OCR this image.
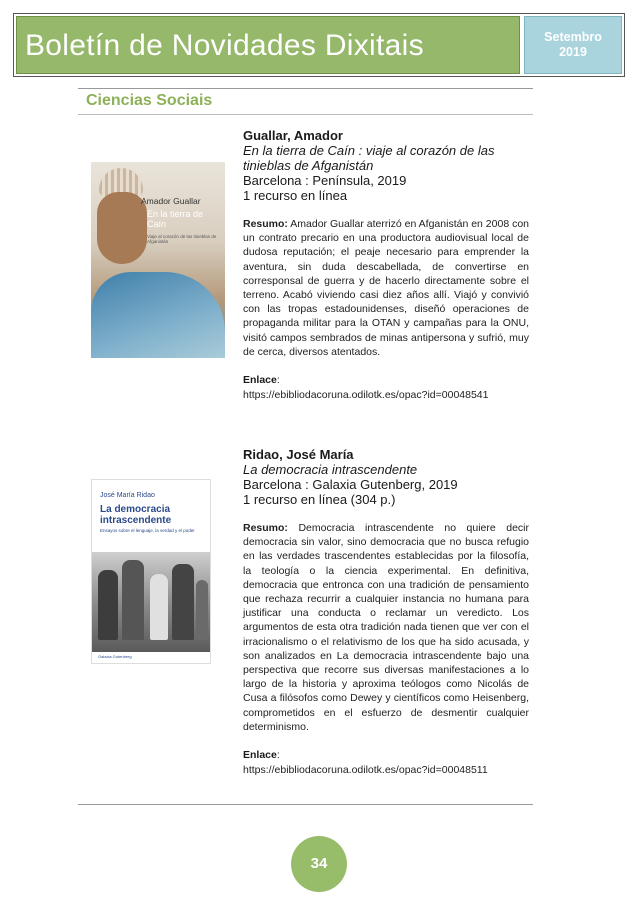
Boletín de Novidades Dixitais	Setembro
2019
Ciencias Sociais
Amador Guallar
En la tierra de Caín
Viaje al corazón de las tinieblas de Afganistán
Guallar, Amador
En la tierra de Caín : viaje al corazón de las tinieblas de Afganistán
Barcelona : Península, 2019
1 recurso en línea
Resumo: Amador Guallar aterrizó en Afganistán en 2008 con un contrato precario en una productora audiovisual local de dudosa reputación; el peaje necesario para emprender la aventura, sin duda descabellada, de convertirse en corresponsal de guerra y de hacerlo directamente sobre el terreno. Acabó viviendo casi diez años allí. Viajó y convivió con las tropas estadounidenses, diseñó operaciones de propaganda militar para la OTAN y campañas para la ONU, visitó campos sembrados de minas antipersona y sufrió, muy de cerca, diversos atentados.
Enlace:
https://ebibliodacoruna.odilotk.es/opac?id=00048541
José María Ridao
La democracia intrascendente
Ensayos sobre el lenguaje, la verdad y el poder
Galaxia Gutenberg
Ridao, José María
La democracia intrascendente
Barcelona : Galaxia Gutenberg, 2019
1 recurso en línea (304 p.)
Resumo: Democracia intrascendente no quiere decir democracia sin valor, sino democracia que no busca refugio en las verdades trascendentes establecidas por la filosofía, la teología o la ciencia experimental. En definitiva, democracia que entronca con una tradición de pensamiento que rechaza recurrir a cualquier instancia no humana para justificar una conducta o reclamar un veredicto. Los argumentos de esta otra tradición nada tienen que ver con el irracionalismo o el relativismo de los que ha sido acusada, y son analizados en La democracia intrascendente bajo una perspectiva que recorre sus diversas manifestaciones a lo largo de la historia y aproxima teólogos como Nicolás de Cusa a filósofos como Dewey y científicos como Heisenberg, comprometidos en el esfuerzo de desmentir cualquier determinismo.
Enlace:
https://ebibliodacoruna.odilotk.es/opac?id=00048511
34
